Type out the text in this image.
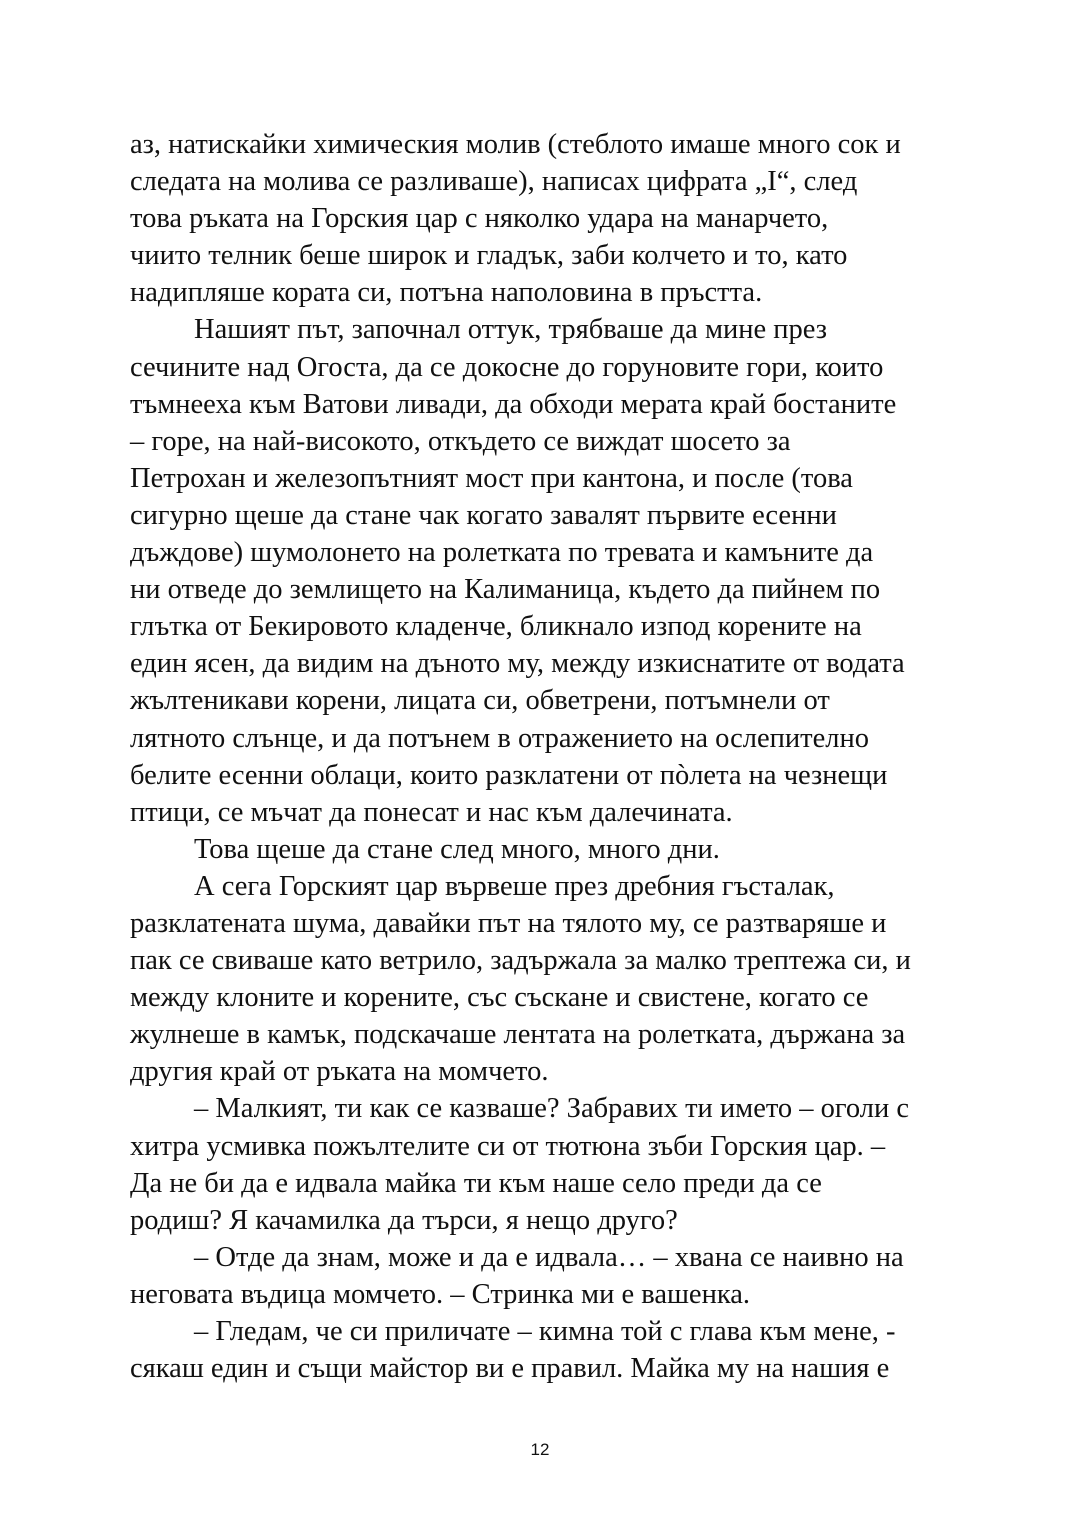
аз, натискайки химическия молив (стеблото имаше много сок и
следата на молива се разливаше), написах цифрата „I“, след
това ръката на Горския цар с няколко удара на манарчето,
чиито телник беше широк и гладък, заби колчето и то, като
надипляше кората си, потъна наполовина в пръстта.
Нашият път, започнал оттук, трябваше да мине през
сечините над Огоста, да се докосне до горуновите гори, които
тъмнееха към Ватови ливади, да обходи мерата край бостаните
– горе, на най-високото, откъдето се виждат шосето за
Петрохан и железопътният мост при кантона, и после (това
сигурно щеше да стане чак когато завалят първите есенни
дъждове) шумолонето на ролетката по тревата и камъните да
ни отведе до землището на Калиманица, където да пийнем по
глътка от Бекировото кладенче, бликнало изпод корените на
един ясен, да видим на дъното му, между изкиснатите от водата
жълтеникави корени, лицата си, обветрени, потъмнели от
лятното слънце, и да потънем в отражението на ослепително
белите есенни облаци, които разклатени от пòлета на чезнещи
птици, се мъчат да понесат и нас към далечината.
Това щеше да стане след много, много дни.
А сега Горският цар вървеше през дребния гъсталак,
разклатената шума, давайки път на тялото му, се разтваряше и
пак се свиваше като ветрило, задържала за малко трептежа си, и
между клоните и корените, със съскане и свистене, когато се
жулнеше в камък, подскачаше лентата на ролетката, държана за
другия край от ръката на момчето.
– Малкият, ти как се казваше? Забравих ти името – оголи с
хитра усмивка пожълтелите си от тютюна зъби Горския цар. –
Да не би да е идвала майка ти към наше село преди да се
родиш? Я качамилка да търси, я нещо друго?
– Отде да знам, може и да е идвала… – хвана се наивно на
неговата въдица момчето. – Стринка ми е вашенка.
– Гледам, че си приличате – кимна той с глава към мене, -
сякаш един и същи майстор ви е правил. Майка му на нашия е
12
